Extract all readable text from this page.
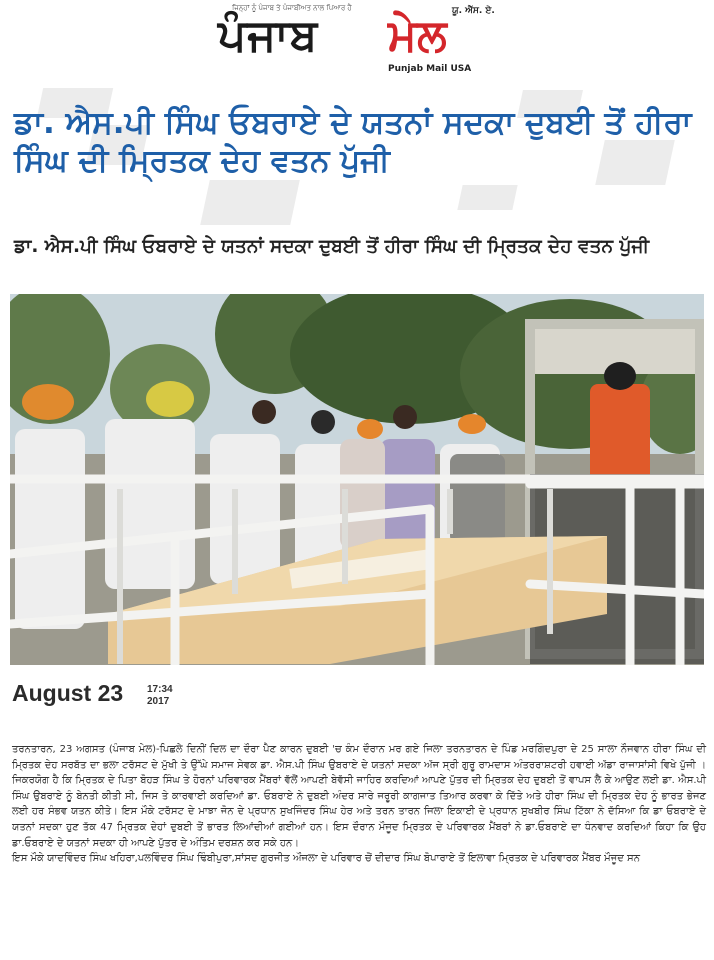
ਜਿਨ੍ਹਾਂ ਨੂੰ ਪੰਜਾਬ ਤੇ ਪੰਜਾਬੀਅਤ ਨਾਲ ਪਿਆਰ ਹੈ
ਪੰਜਾਬ ਮੇਲ ਯੂ. ਐੱਸ. ਏ.
Punjab Mail USA
ਡਾ. ਐਸ.ਪੀ ਸਿੰਘ ਓਬਰਾਏ ਦੇ ਯਤਨਾਂ ਸਦਕਾ ਦੁਬਈ ਤੋਂ ਹੀਰਾ ਸਿੰਘ ਦੀ ਮ੍ਰਿਤਕ ਦੇਹ ਵਤਨ ਪੁੱਜੀ
ਡਾ. ਐਸ.ਪੀ ਸਿੰਘ ਓਬਰਾਏ ਦੇ ਯਤਨਾਂ ਸਦਕਾ ਦੁਬਈ ਤੋਂ ਹੀਰਾ ਸਿੰਘ ਦੀ ਮ੍ਰਿਤਕ ਦੇਹ ਵਤਨ ਪੁੱਜੀ
August 23 17:34
2017

ਤਰਨਤਾਰਨ, 23 ਅਗਸਤ (ਪੰਜਾਬ ਮੇਲ)-ਪਿਛਲੇ ਦਿਨੀਂ ਦਿਲ ਦਾ ਦੌਰਾ ਪੈਣ ਕਾਰਨ ਦੁਬਈ 'ਚ ਕੰਮ ਦੌਰਾਨ ਮਰ ਗਏ ਜਿਲਾ ਤਰਨਤਾਰਨ ਦੇ ਪਿੰਡ ਮਰਗਿੰਦਪੁਰਾ ਦੇ 25 ਸਾਲਾ ਨੌਜਵਾਨ ਹੀਰਾ ਸਿੰਘ ਦੀ ਮ੍ਰਿਤਕ ਦੇਹ ਸਰਬੱਤ ਦਾ ਭਲਾ ਟਰੱਸਟ ਦੇ ਮੁੱਖੀ ਤੇ ਉੱਘੇ ਸਮਾਜ ਸੇਵਕ ਡਾ. ਐਸ.ਪੀ ਸਿੰਘ ਉਬਰਾਏ ਦੇ ਯਤਨਾਂ ਸਦਕਾ ਅੱਜ ਸ੍ਰੀ ਗੁਰੂ ਰਾਮਦਾਸ ਅੰਤਰਰਾਸ਼ਟਰੀ ਹਵਾਈ ਅੱਡਾ ਰਾਜਾਸਾਂਸੀ ਵਿਖੇ ਪੁੱਜੀ ।ਜਿਕਰਯੋਗ ਹੈ ਕਿ ਮ੍ਰਿਤਕ ਦੇ ਪਿਤਾ ਬੋਹੜ ਸਿੰਘ ਤੇ ਹੋਰਨਾਂ ਪਰਿਵਾਰਕ ਮੈਂਬਰਾਂ ਵੱਲੋਂ ਆਪਣੀ ਬੇਵੱਸੀ ਜਾਹਿਰ ਕਰਦਿਆਂ ਆਪਣੇ ਪੁੱਤਰ ਦੀ ਮ੍ਰਿਤਕ ਦੇਹ ਦੁਬਈ ਤੋਂ ਵਾਪਸ ਲੈ ਕੇ ਆਉਣ ਲਈ ਡਾ. ਐਸ.ਪੀ ਸਿੰਘ ਉਬਰਾਏ ਨੂੰ ਬੇਨਤੀ ਕੀਤੀ ਸੀ, ਜਿਸ ਤੇ ਕਾਰਵਾਈ ਕਰਦਿਆਂ ਡਾ. ਓਬਰਾਏ ਨੇ ਦੁਬਈ ਅੰਦਰ ਸਾਰੇ ਜਰੂਰੀ ਕਾਗਜਾਤ ਤਿਆਰ ਕਰਵਾ ਕੇ ਦਿੱਤੇ ਅਤੇ ਹੀਰਾ ਸਿੰਘ ਦੀ ਮ੍ਰਿਤਕ ਦੇਹ ਨੂੰ ਭਾਰਤ ਭੇਜਣ ਲਈ ਹਰ ਸੰਭਵ ਯਤਨ ਕੀਤੇ। ਇਸ ਮੌਕੇ ਟਰੱਸਟ ਦੇ ਮਾਝਾ ਜੋਨ ਦੇ ਪ੍ਰਧਾਨ ਸੁਖਜਿੰਦਰ ਸਿੰਘ ਹੇਰ ਅਤੇ ਤਰਨ ਤਾਰਨ ਜਿਲਾ ਇਕਾਈ ਦੇ ਪ੍ਰਧਾਨ ਸੁਖਬੀਰ ਸਿੰਘ ਟਿੱਕਾ ਨੇ ਦੱਸਿਆ ਕਿ ਡਾ ਓਬਰਾਏ ਦੇ ਯਤਨਾਂ ਸਦਕਾ ਹੁਣ ਤੱਕ 47 ਮ੍ਰਿਤਕ ਦੇਹਾਂ ਦੁਬਈ ਤੋਂ ਭਾਰਤ ਲਿਆਂਦੀਆਂ ਗਈਆਂ ਹਨ। ਇਸ ਦੌਰਾਨ ਮੌਜੂਦ ਮ੍ਰਿਤਕ ਦੇ ਪਰਿਵਾਰਕ ਮੈਂਬਰਾਂ ਨੇ ਡਾ.ਓਬਰਾਏ ਦਾ ਧੰਨਵਾਦ ਕਰਦਿਆਂ ਕਿਹਾ ਕਿ ਉਹ ਡਾ.ਓਬਰਾਏ ਦੇ ਯਤਨਾਂ ਸਦਕਾ ਹੀ ਆਪਣੇ ਪੁੱਤਰ ਦੇ ਅੰਤਿਮ ਦਰਸ਼ਨ ਕਰ ਸਕੇ ਹਨ।

ਇਸ ਮੌਕੇ ਯਾਦਵਿੰਦਰ ਸਿੰਘ ਖਹਿਰਾ,ਪਲਵਿੰਦਰ ਸਿੰਘ ਢਿੰਬੀਪੁਰਾ,ਸਾਂਸਦ ਗੁਰਜੀਤ ਔਜਲਾ ਦੇ ਪਰਿਵਾਰ ਚੋਂ ਦੀਦਾਰ ਸਿੰਘ ਬੋਪਾਰਾਏ ਤੋਂ ਇਲਾਵਾ ਮ੍ਰਿਤਕ ਦੇ ਪਰਿਵਾਰਕ ਮੈਂਬਰ ਮੌਜੂਦ ਸਨ
